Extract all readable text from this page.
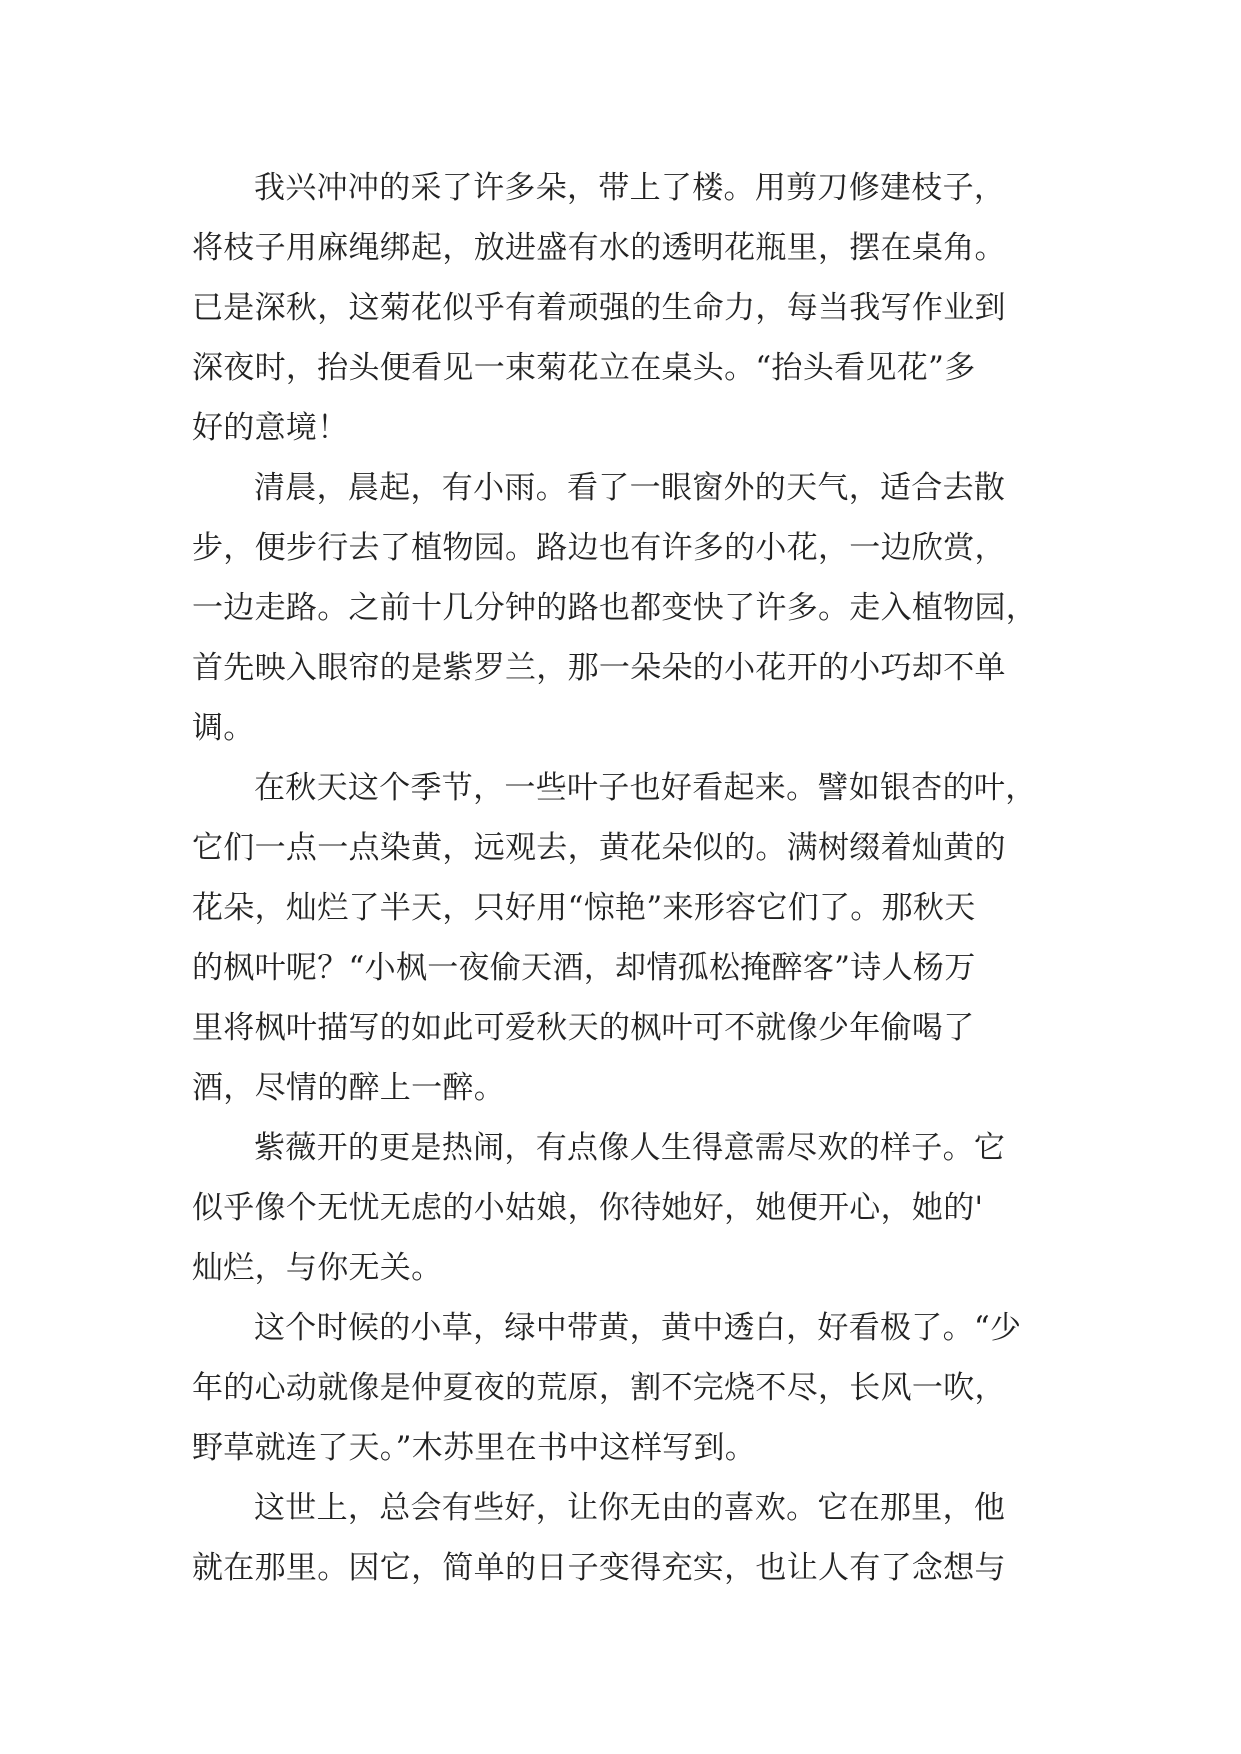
我兴冲冲的采了许多朵，带上了楼。用剪刀修建枝子，
将枝子用麻绳绑起，放进盛有水的透明花瓶里，摆在桌角。
已是深秋，这菊花似乎有着顽强的生命力，每当我写作业到
深夜时，抬头便看见一束菊花立在桌头。“抬头看见花”多
好的意境！
清晨，晨起，有小雨。看了一眼窗外的天气，适合去散
步，便步行去了植物园。路边也有许多的小花，一边欣赏，
一边走路。之前十几分钟的路也都变快了许多。走入植物园，
首先映入眼帘的是紫罗兰，那一朵朵的小花开的小巧却不单
调。
在秋天这个季节，一些叶子也好看起来。譬如银杏的叶，
它们一点一点染黄，远观去，黄花朵似的。满树缀着灿黄的
花朵，灿烂了半天，只好用“惊艳”来形容它们了。那秋天
的枫叶呢？“小枫一夜偷天酒，却情孤松掩醉客”诗人杨万
里将枫叶描写的如此可爱秋天的枫叶可不就像少年偷喝了
酒，尽情的醉上一醉。
紫薇开的更是热闹，有点像人生得意需尽欢的样子。它
似乎像个无忧无虑的小姑娘，你待她好，她便开心，她的'
灿烂，与你无关。
这个时候的小草，绿中带黄，黄中透白，好看极了。“少
年的心动就像是仲夏夜的荒原，割不完烧不尽，长风一吹，
野草就连了天。”木苏里在书中这样写到。
这世上，总会有些好，让你无由的喜欢。它在那里，他
就在那里。因它，简单的日子变得充实，也让人有了念想与
